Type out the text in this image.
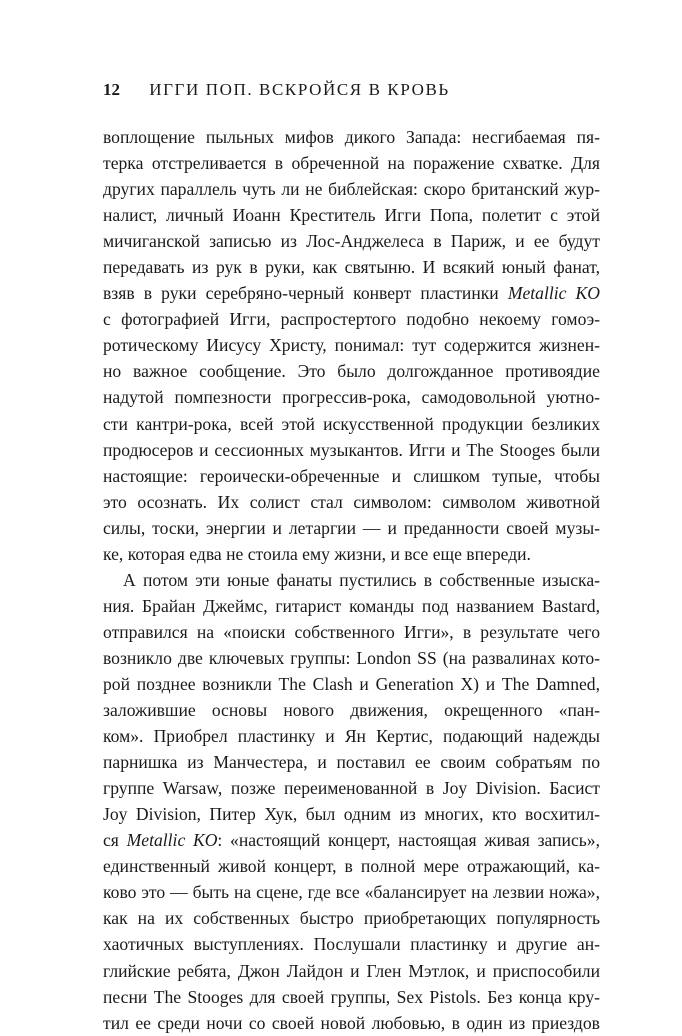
12 ИГГИ ПОП. ВСКРОЙСЯ В КРОВЬ
воплощение пыльных мифов дикого Запада: несгибаемая пя-
терка отстреливается в обреченной на поражение схватке. Для
других параллель чуть ли не библейская: скоро британский жур-
налист, личный Иоанн Креститель Игги Попа, полетит с этой
мичиганской записью из Лос-Анджелеса в Париж, и ее будут
передавать из рук в руки, как святыню. И всякий юный фанат,
взяв в руки серебряно-черный конверт пластинки Metallic KO
с фотографией Игги, распростертого подобно некоему гомоэ-
ротическому Иисусу Христу, понимал: тут содержится жизнен-
но важное сообщение. Это было долгожданное противоядие
надутой помпезности прогрессив-рока, самодовольной уютно-
сти кантри-рока, всей этой искусственной продукции безликих
продюсеров и сессионных музыкантов. Игги и The Stooges были
настоящие: героически-обреченные и слишком тупые, чтобы
это осознать. Их солист стал символом: символом животной
силы, тоски, энергии и летаргии — и преданности своей музы-
ке, которая едва не стоила ему жизни, и все еще впереди.
А потом эти юные фанаты пустились в собственные изыска-
ния. Брайан Джеймс, гитарист команды под названием Bastard,
отправился на «поиски собственного Игги», в результате чего
возникло две ключевых группы: London SS (на развалинах кото-
рой позднее возникли The Clash и Generation X) и The Damned,
заложившие основы нового движения, окрещенного «пан-
ком». Приобрел пластинку и Ян Кертис, подающий надежды
парнишка из Манчестера, и поставил ее своим собратьям по
группе Warsaw, позже переименованной в Joy Division. Басист
Joy Division, Питер Хук, был одним из многих, кто восхитил-
ся Metallic KO: «настоящий концерт, настоящая живая запись»,
единственный живой концерт, в полной мере отражающий, ка-
ково это — быть на сцене, где все «балансирует на лезвии ножа»,
как на их собственных быстро приобретающих популярность
хаотичных выступлениях. Послушали пластинку и другие ан-
глийские ребята, Джон Лайдон и Глен Мэтлок, и приспособили
песни The Stooges для своей группы, Sex Pistols. Без конца кру-
тил ее среди ночи со своей новой любовью, в один из приездов
